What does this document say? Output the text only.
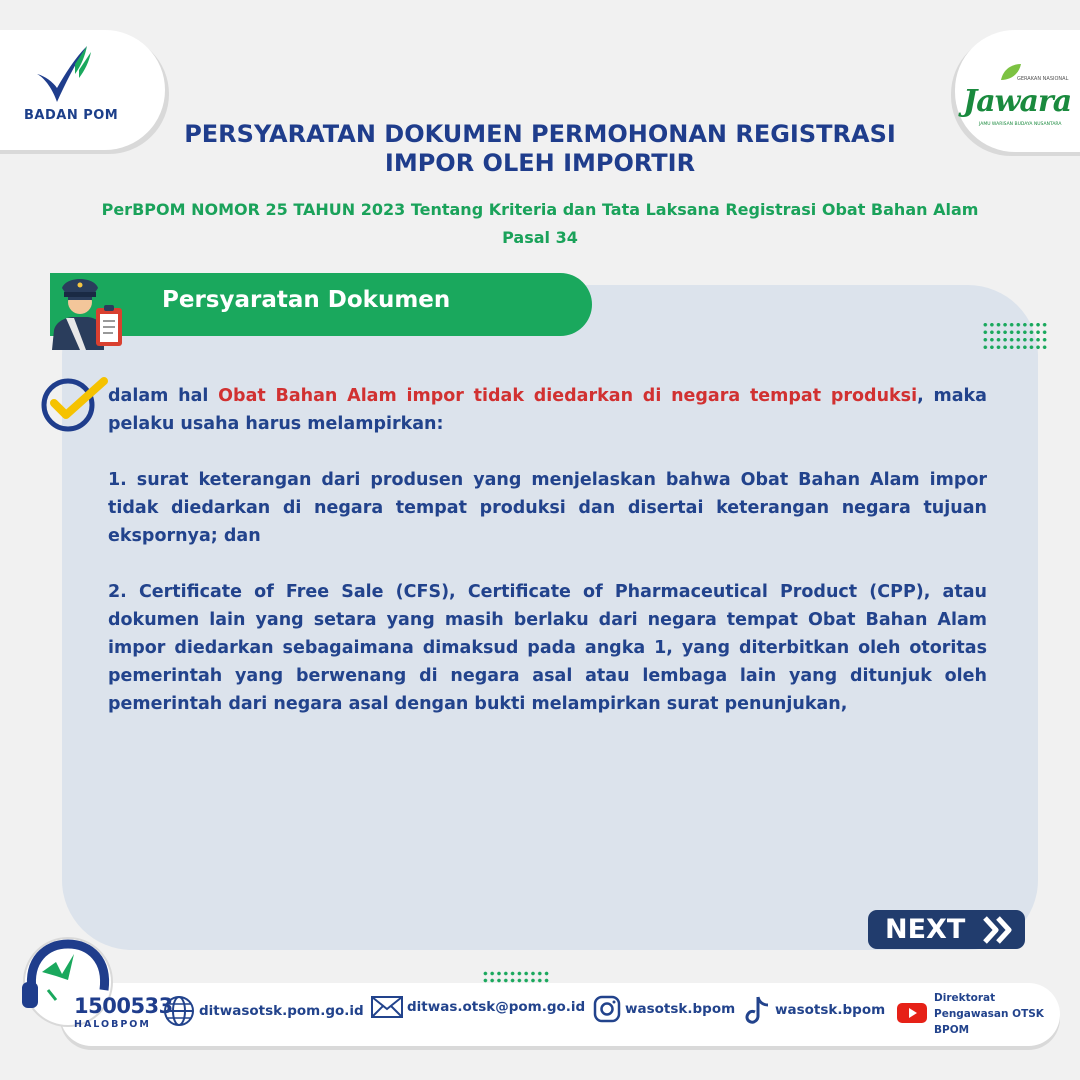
BADAN POM
GERAKAN NASIONAL
Jawara
JAMU WARISAN BUDAYA NUSANTARA
PERSYARATAN DOKUMEN PERMOHONAN REGISTRASI IMPOR OLEH IMPORTIR
PerBPOM NOMOR 25 TAHUN 2023 Tentang Kriteria dan Tata Laksana Registrasi Obat Bahan Alam
Pasal 34
Persyaratan Dokumen

dalam hal Obat Bahan Alam impor tidak diedarkan di negara tempat produksi, maka pelaku usaha harus melampirkan:

1. surat keterangan dari produsen yang menjelaskan bahwa Obat Bahan Alam impor tidak diedarkan di negara tempat produksi dan disertai keterangan negara tujuan ekspornya; dan

2. Certificate of Free Sale (CFS), Certificate of Pharmaceutical Product (CPP), atau dokumen lain yang setara yang masih berlaku dari negara tempat Obat Bahan Alam impor diedarkan sebagaimana dimaksud pada angka 1, yang diterbitkan oleh otoritas pemerintah yang berwenang di negara asal atau lembaga lain yang ditunjuk oleh pemerintah dari negara asal dengan bukti melampirkan surat penunjukan,

NEXT
1500533
HALOBPOM
ditwasotsk.pom.go.id	ditwas.otsk@pom.go.id	wasotsk.bpom	wasotsk.bpom
Direktorat
Pengawasan OTSK
BPOM
